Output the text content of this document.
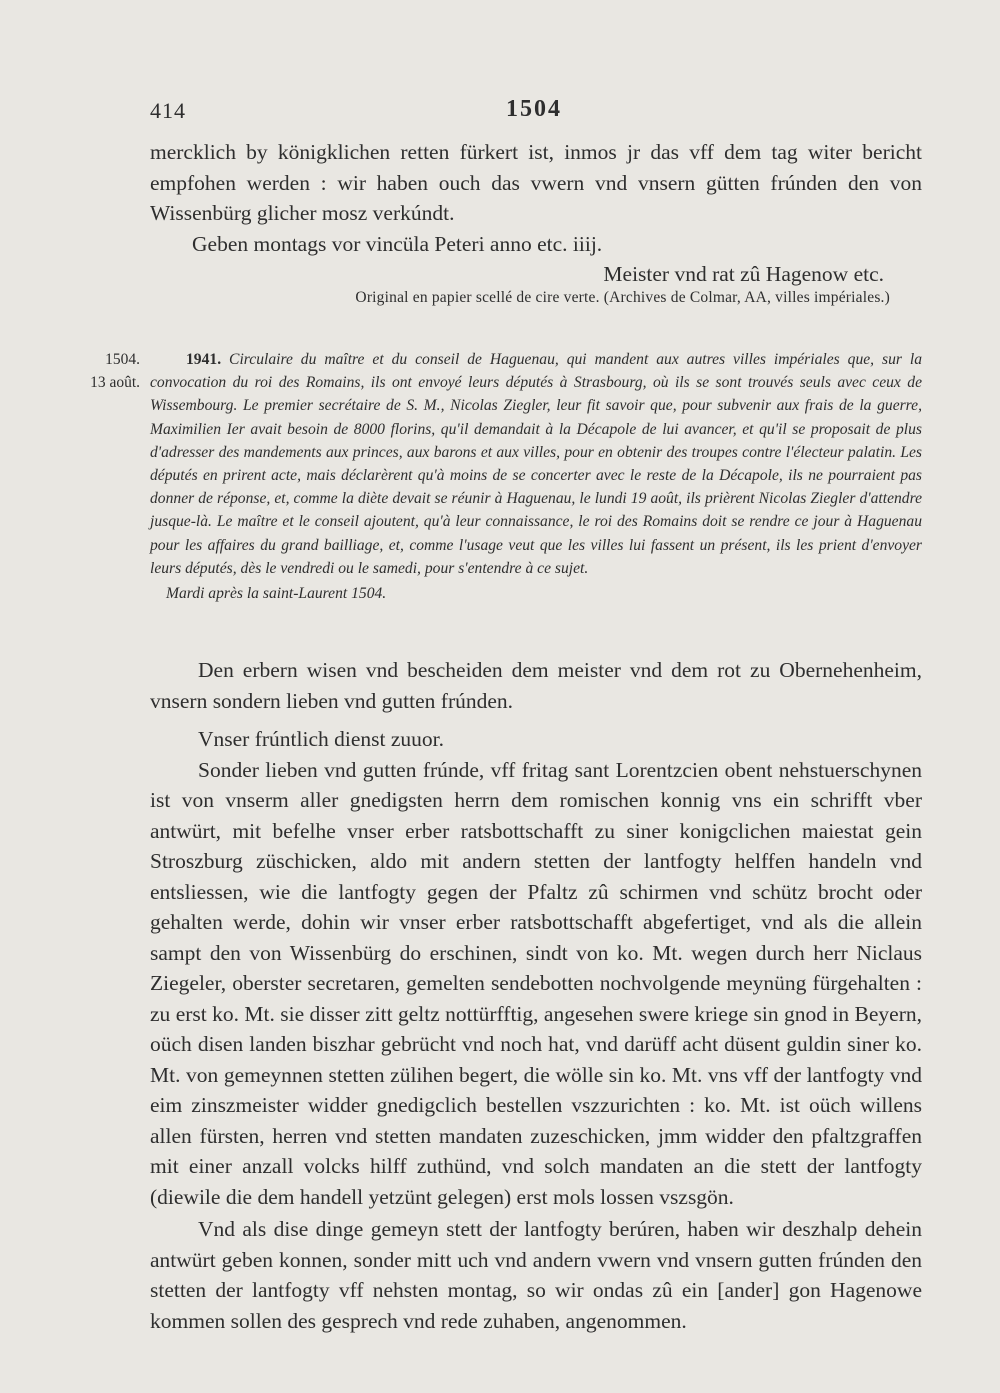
414	1504

mercklich by königklichen retten fürkert ist, inmos jr das vff dem tag witer bericht empfohen werden : wir haben ouch das vwern vnd vnsern gütten frúnden den von Wissenbürg glicher mosz verkúndt.

Geben montags vor vincüla Peteri anno etc. iiij.

Meister vnd rat zû Hagenow etc.

Original en papier scellé de cire verte. (Archives de Colmar, AA, villes impériales.)
1504.
13 août.

1941. Circulaire du maître et du conseil de Haguenau, qui mandent aux autres villes impériales que, sur la convocation du roi des Romains, ils ont envoyé leurs députés à Strasbourg, où ils se sont trouvés seuls avec ceux de Wissembourg. Le premier secrétaire de S. M., Nicolas Ziegler, leur fit savoir que, pour subvenir aux frais de la guerre, Maximilien Ier avait besoin de 8000 florins, qu'il demandait à la Décapole de lui avancer, et qu'il se proposait de plus d'adresser des mandements aux princes, aux barons et aux villes, pour en obtenir des troupes contre l'électeur palatin. Les députés en prirent acte, mais déclarèrent qu'à moins de se concerter avec le reste de la Décapole, ils ne pourraient pas donner de réponse, et, comme la diète devait se réunir à Haguenau, le lundi 19 août, ils prièrent Nicolas Ziegler d'attendre jusque-là. Le maître et le conseil ajoutent, qu'à leur connaissance, le roi des Romains doit se rendre ce jour à Haguenau pour les affaires du grand bailliage, et, comme l'usage veut que les villes lui fassent un présent, ils les prient d'envoyer leurs députés, dès le vendredi ou le samedi, pour s'entendre à ce sujet.

Mardi après la saint-Laurent 1504.

Den erbern wisen vnd bescheiden dem meister vnd dem rot zu Obernehenheim, vnsern sondern lieben vnd gutten frúnden.

Vnser frúntlich dienst zuuor.

Sonder lieben vnd gutten frúnde, vff fritag sant Lorentzcien obent nehstuerschynen ist von vnserm aller gnedigsten herrn dem romischen konnig vns ein schrifft vber antwürt, mit befelhe vnser erber ratsbottschafft zu siner konigclichen maiestat gein Stroszburg züschicken, aldo mit andern stetten der lantfogty helffen handeln vnd entsliessen, wie die lantfogty gegen der Pfaltz zû schirmen vnd schütz brocht oder gehalten werde, dohin wir vnser erber ratsbottschafft abgefertiget, vnd als die allein sampt den von Wissenbürg do erschinen, sindt von ko. Mt. wegen durch herr Niclaus Ziegeler, oberster secretaren, gemelten sendebotten nochvolgende meynüng fürgehalten : zu erst ko. Mt. sie disser zitt geltz nottürfftig, angesehen swere kriege sin gnod in Beyern, oüch disen landen biszhar gebrücht vnd noch hat, vnd darüff acht düsent guldin siner ko. Mt. von gemeynnen stetten zülihen begert, die wölle sin ko. Mt. vns vff der lantfogty vnd eim zinszmeister widder gnedigclich bestellen vszzurichten : ko. Mt. ist oüch willens allen fürsten, herren vnd stetten mandaten zuzeschicken, jmm widder den pfaltzgraffen mit einer anzall volcks hilff zuthünd, vnd solch mandaten an die stett der lantfogty (diewile die dem handell yetzünt gelegen) erst mols lossen vszsgön.

Vnd als dise dinge gemeyn stett der lantfogty berúren, haben wir deszhalp dehein antwürt geben konnen, sonder mitt uch vnd andern vwern vnd vnsern gutten frúnden den stetten der lantfogty vff nehsten montag, so wir ondas zû ein [ander] gon Hagenowe kommen sollen des gesprech vnd rede zuhaben, angenommen.
